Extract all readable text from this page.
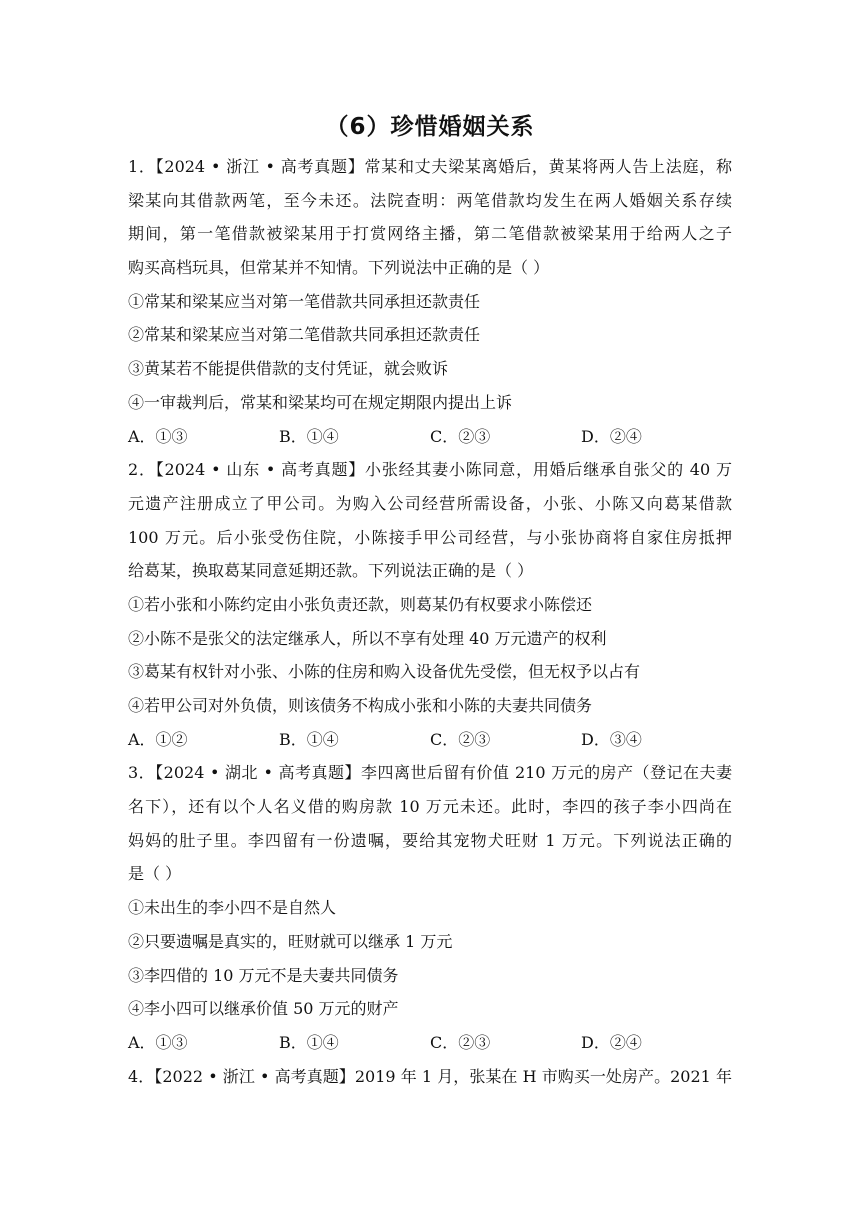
（6）珍惜婚姻关系
1．【2024 • 浙江 • 高考真题】常某和丈夫梁某离婚后，黄某将两人告上法庭，称
梁某向其借款两笔，至今未还。法院查明：两笔借款均发生在两人婚姻关系存续
期间，第一笔借款被梁某用于打赏网络主播，第二笔借款被梁某用于给两人之子
购买高档玩具，但常某并不知情。下列说法中正确的是（ ）
①常某和梁某应当对第一笔借款共同承担还款责任
②常某和梁某应当对第二笔借款共同承担还款责任
③黄某若不能提供借款的支付凭证，就会败诉
④一审裁判后，常某和梁某均可在规定期限内提出上诉
A．①③	B．①④	C．②③	D．②④
2．【2024 • 山东 • 高考真题】小张经其妻小陈同意，用婚后继承自张父的 40 万
元遗产注册成立了甲公司。为购入公司经营所需设备，小张、小陈又向葛某借款
100 万元。后小张受伤住院，小陈接手甲公司经营，与小张协商将自家住房抵押
给葛某，换取葛某同意延期还款。下列说法正确的是（ ）
①若小张和小陈约定由小张负责还款，则葛某仍有权要求小陈偿还
②小陈不是张父的法定继承人，所以不享有处理 40 万元遗产的权利
③葛某有权针对小张、小陈的住房和购入设备优先受偿，但无权予以占有
④若甲公司对外负债，则该债务不构成小张和小陈的夫妻共同债务
A．①②	B．①④	C．②③	D．③④
3．【2024 • 湖北 • 高考真题】李四离世后留有价值 210 万元的房产（登记在夫妻
名下），还有以个人名义借的购房款 10 万元未还。此时，李四的孩子李小四尚在
妈妈的肚子里。李四留有一份遗嘱，要给其宠物犬旺财 1 万元。下列说法正确的
是（ ）
①未出生的李小四不是自然人
②只要遗嘱是真实的，旺财就可以继承 1 万元
③李四借的 10 万元不是夫妻共同债务
④李小四可以继承价值 50 万元的财产
A．①③	B．①④	C．②③	D．②④
4．【2022 • 浙江 • 高考真题】2019 年 1 月，张某在 H 市购买一处房产。2021 年
